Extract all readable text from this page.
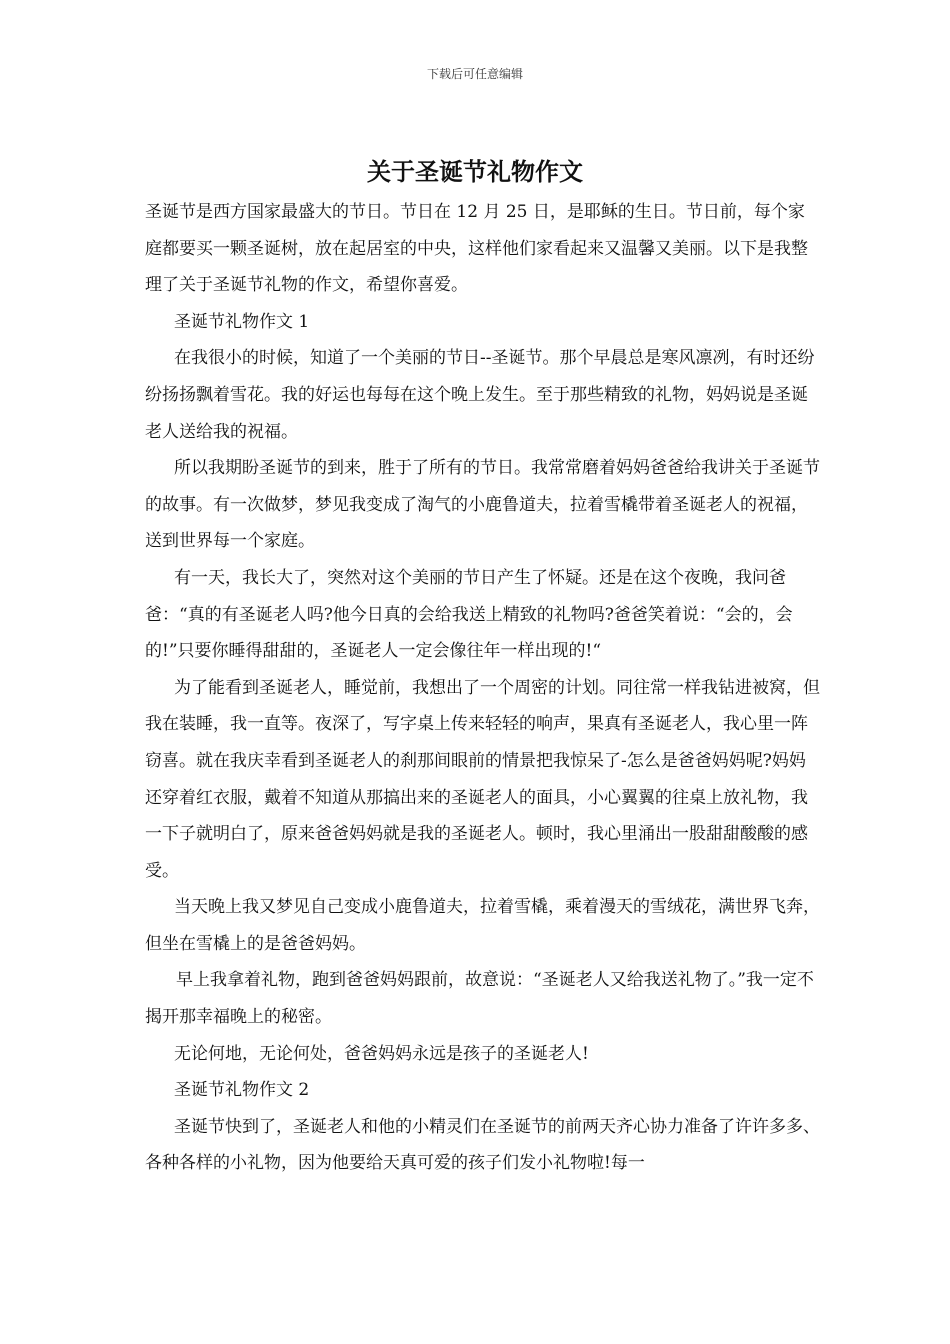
下载后可任意编辑
关于圣诞节礼物作文

圣诞节是西方国家最盛大的节日。节日在 12 月 25 日，是耶稣的生日。节日前，每个家庭都要买一颗圣诞树，放在起居室的中央，这样他们家看起来又温馨又美丽。以下是我整理了关于圣诞节礼物的作文，希望你喜爱。

圣诞节礼物作文 1

在我很小的时候，知道了一个美丽的节日--圣诞节。那个早晨总是寒风凛冽，有时还纷纷扬扬飘着雪花。我的好运也每每在这个晚上发生。至于那些精致的礼物，妈妈说是圣诞老人送给我的祝福。

所以我期盼圣诞节的到来，胜于了所有的节日。我常常磨着妈妈爸爸给我讲关于圣诞节的故事。有一次做梦，梦见我变成了淘气的小鹿鲁道夫，拉着雪橇带着圣诞老人的祝福，送到世界每一个家庭。

有一天，我长大了，突然对这个美丽的节日产生了怀疑。还是在这个夜晚，我问爸爸：“真的有圣诞老人吗?他今日真的会给我送上精致的礼物吗?爸爸笑着说：“会的，会的!”只要你睡得甜甜的，圣诞老人一定会像往年一样出现的!“

为了能看到圣诞老人，睡觉前，我想出了一个周密的计划。同往常一样我钻进被窝，但我在装睡，我一直等。夜深了，写字桌上传来轻轻的响声，果真有圣诞老人，我心里一阵窃喜。就在我庆幸看到圣诞老人的刹那间眼前的情景把我惊呆了-怎么是爸爸妈妈呢?妈妈还穿着红衣服，戴着不知道从那搞出来的圣诞老人的面具，小心翼翼的往桌上放礼物，我一下子就明白了，原来爸爸妈妈就是我的圣诞老人。顿时，我心里涌出一股甜甜酸酸的感受。

当天晚上我又梦见自己变成小鹿鲁道夫，拉着雪橇，乘着漫天的雪绒花，满世界飞奔，但坐在雪橇上的是爸爸妈妈。

早上我拿着礼物，跑到爸爸妈妈跟前，故意说：“圣诞老人又给我送礼物了。”我一定不揭开那幸福晚上的秘密。

无论何地，无论何处，爸爸妈妈永远是孩子的圣诞老人!

圣诞节礼物作文 2

圣诞节快到了，圣诞老人和他的小精灵们在圣诞节的前两天齐心协力准备了许许多多、各种各样的小礼物，因为他要给天真可爱的孩子们发小礼物啦!每一
